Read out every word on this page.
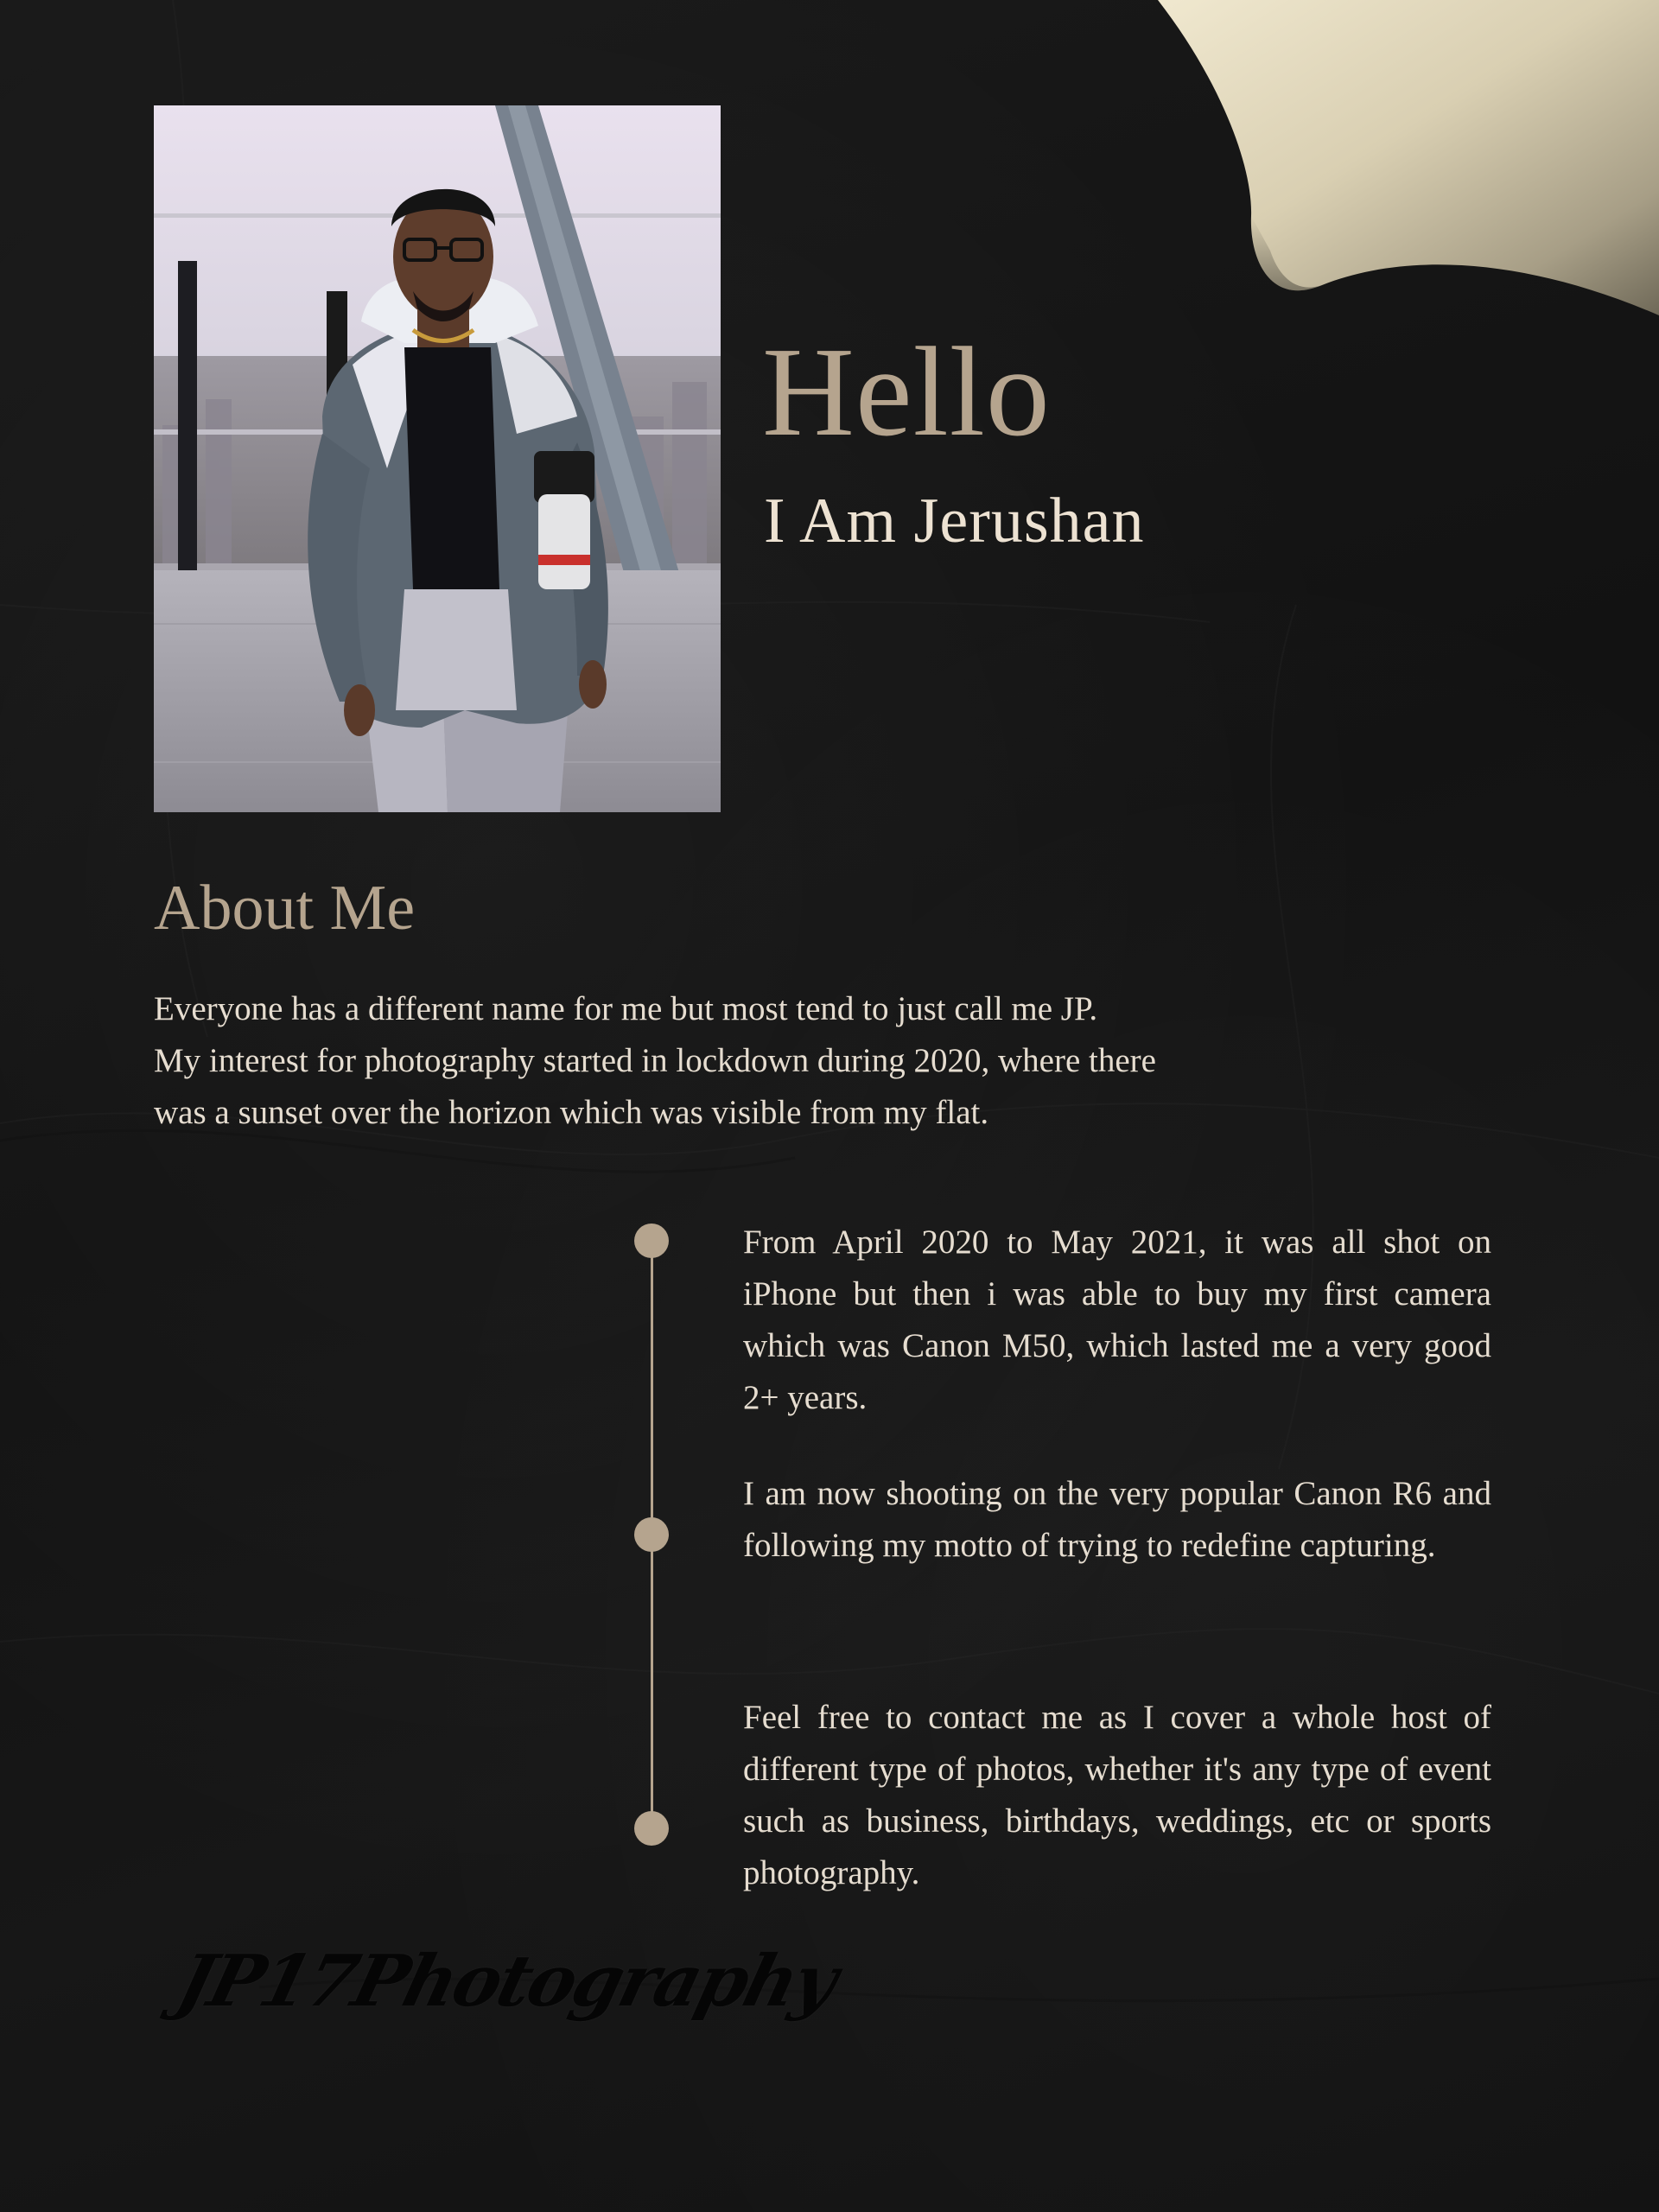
Hello
I Am Jerushan
About Me

Everyone has a different name for me but most tend to just call me JP.
My interest for photography started in lockdown during 2020, where there
was a sunset over the horizon which was visible from my flat.

From April 2020 to May 2021, it was all shot on iPhone but then i was able to buy my first camera which was Canon M50, which lasted me a very good 2+ years.

I am now shooting on the very popular Canon R6 and following my motto of trying to redefine capturing.

Feel free to contact me as I cover a whole host of different type of photos, whether it's any type of event such as business, birthdays, weddings, etc or sports photography.

JP17Photography
